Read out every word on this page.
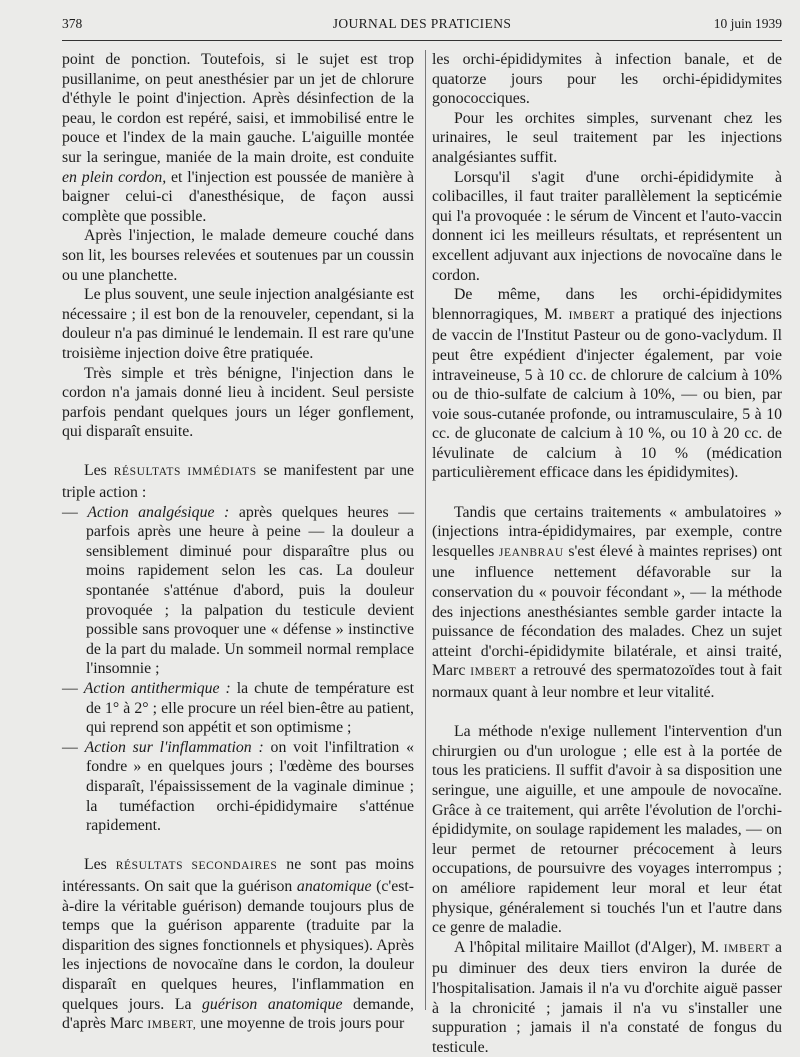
378	JOURNAL DES PRATICIENS	10 juin 1939

point de ponction. Toutefois, si le sujet est trop pusillanime, on peut anesthésier par un jet de chlorure d'éthyle le point d'injection. Après désinfection de la peau, le cordon est repéré, saisi, et immobilisé entre le pouce et l'index de la main gauche. L'aiguille montée sur la seringue, maniée de la main droite, est conduite en plein cordon, et l'injection est poussée de manière à baigner celui-ci d'anesthésique, de façon aussi complète que possible.

Après l'injection, le malade demeure couché dans son lit, les bourses relevées et soutenues par un coussin ou une planchette.

Le plus souvent, une seule injection analgésiante est nécessaire ; il est bon de la renouveler, cependant, si la douleur n'a pas diminué le lendemain. Il est rare qu'une troisième injection doive être pratiquée.

Très simple et très bénigne, l'injection dans le cordon n'a jamais donné lieu à incident. Seul persiste parfois pendant quelques jours un léger gonflement, qui disparaît ensuite.

Les RÉSULTATS IMMÉDIATS se manifestent par une triple action :

— Action analgésique : après quelques heures — parfois après une heure à peine — la douleur a sensiblement diminué pour disparaître plus ou moins rapidement selon les cas. La douleur spontanée s'atténue d'abord, puis la douleur provoquée ; la palpation du testicule devient possible sans provoquer une « défense » instinctive de la part du malade. Un sommeil normal remplace l'insomnie ;

— Action antithermique : la chute de température est de 1° à 2° ; elle procure un réel bien-être au patient, qui reprend son appétit et son optimisme ;

— Action sur l'inflammation : on voit l'infiltration « fondre » en quelques jours ; l'œdème des bourses disparaît, l'épaississement de la vaginale diminue ; la tuméfaction orchi-épididymaire s'atténue rapidement.

Les RÉSULTATS SECONDAIRES ne sont pas moins intéressants. On sait que la guérison anatomique (c'est-à-dire la véritable guérison) demande toujours plus de temps que la guérison apparente (traduite par la disparition des signes fonctionnels et physiques). Après les injections de novocaïne dans le cordon, la douleur disparaît en quelques heures, l'inflammation en quelques jours. La guérison anatomique demande, d'après Marc IMBERT, une moyenne de trois jours pour

les orchi-épididymites à infection banale, et de quatorze jours pour les orchi-épididymites gonococciques.

Pour les orchites simples, survenant chez les urinaires, le seul traitement par les injections analgésiantes suffit.

Lorsqu'il s'agit d'une orchi-épididymite à colibacilles, il faut traiter parallèlement la septicémie qui l'a provoquée : le sérum de Vincent et l'auto-vaccin donnent ici les meilleurs résultats, et représentent un excellent adjuvant aux injections de novocaïne dans le cordon.

De même, dans les orchi-épididymites blennorragiques, M. IMBERT a pratiqué des injections de vaccin de l'Institut Pasteur ou de gono-vaclydum. Il peut être expédient d'injecter également, par voie intraveineuse, 5 à 10 cc. de chlorure de calcium à 10% ou de thio-sulfate de calcium à 10%, — ou bien, par voie sous-cutanée profonde, ou intramusculaire, 5 à 10 cc. de gluconate de calcium à 10 %, ou 10 à 20 cc. de lévulinate de calcium à 10 % (médication particulièrement efficace dans les épididymites).

Tandis que certains traitements « ambulatoires » (injections intra-épididymaires, par exemple, contre lesquelles JEANBRAU s'est élevé à maintes reprises) ont une influence nettement défavorable sur la conservation du « pouvoir fécondant », — la méthode des injections anesthésiantes semble garder intacte la puissance de fécondation des malades. Chez un sujet atteint d'orchi-épididymite bilatérale, et ainsi traité, Marc IMBERT a retrouvé des spermatozoïdes tout à fait normaux quant à leur nombre et leur vitalité.

La méthode n'exige nullement l'intervention d'un chirurgien ou d'un urologue ; elle est à la portée de tous les praticiens. Il suffit d'avoir à sa disposition une seringue, une aiguille, et une ampoule de novocaïne. Grâce à ce traitement, qui arrête l'évolution de l'orchi-épididymite, on soulage rapidement les malades, — on leur permet de retourner précocement à leurs occupations, de poursuivre des voyages interrompus ; on améliore rapidement leur moral et leur état physique, généralement si touchés l'un et l'autre dans ce genre de maladie.

A l'hôpital militaire Maillot (d'Alger), M. IMBERT a pu diminuer des deux tiers environ la durée de l'hospitalisation. Jamais il n'a vu d'orchite aiguë passer à la chronicité ; jamais il n'a vu s'installer une suppuration ; jamais il n'a constaté de fongus du testicule.
